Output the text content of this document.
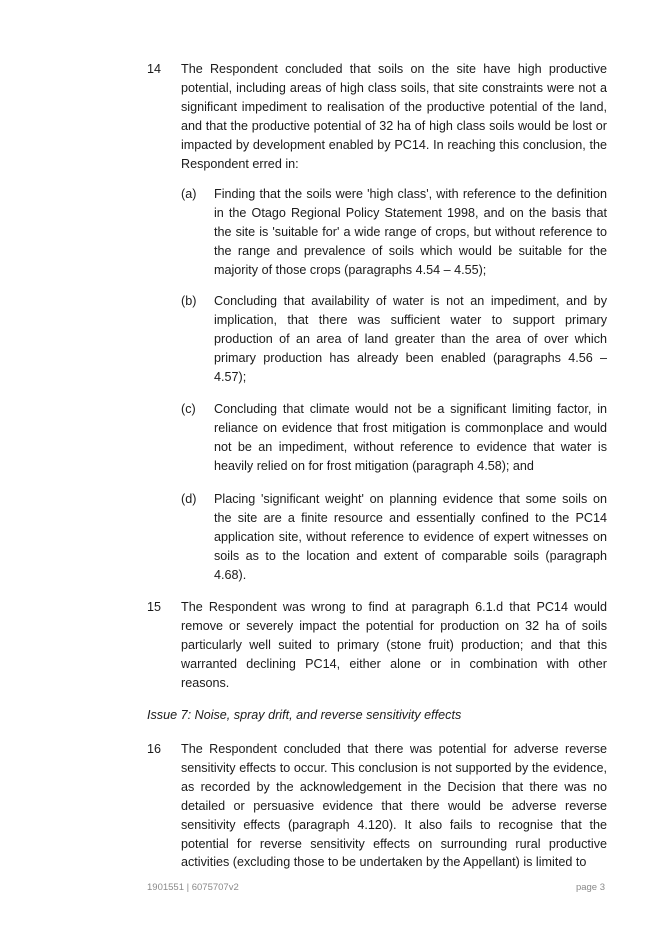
14	The Respondent concluded that soils on the site have high productive potential, including areas of high class soils, that site constraints were not a significant impediment to realisation of the productive potential of the land, and that the productive potential of 32 ha of high class soils would be lost or impacted by development enabled by PC14. In reaching this conclusion, the Respondent erred in:
(a)	Finding that the soils were 'high class', with reference to the definition in the Otago Regional Policy Statement 1998, and on the basis that the site is 'suitable for' a wide range of crops, but without reference to the range and prevalence of soils which would be suitable for the majority of those crops (paragraphs 4.54 – 4.55);
(b)	Concluding that availability of water is not an impediment, and by implication, that there was sufficient water to support primary production of an area of land greater than the area of over which primary production has already been enabled (paragraphs 4.56 – 4.57);
(c)	Concluding that climate would not be a significant limiting factor, in reliance on evidence that frost mitigation is commonplace and would not be an impediment, without reference to evidence that water is heavily relied on for frost mitigation (paragraph 4.58); and
(d)	Placing 'significant weight' on planning evidence that some soils on the site are a finite resource and essentially confined to the PC14 application site, without reference to evidence of expert witnesses on soils as to the location and extent of comparable soils (paragraph 4.68).
15	The Respondent was wrong to find at paragraph 6.1.d that PC14 would remove or severely impact the potential for production on 32 ha of soils particularly well suited to primary (stone fruit) production; and that this warranted declining PC14, either alone or in combination with other reasons.
Issue 7: Noise, spray drift, and reverse sensitivity effects
16	The Respondent concluded that there was potential for adverse reverse sensitivity effects to occur. This conclusion is not supported by the evidence, as recorded by the acknowledgement in the Decision that there was no detailed or persuasive evidence that there would be adverse reverse sensitivity effects (paragraph 4.120). It also fails to recognise that the potential for reverse sensitivity effects on surrounding rural productive activities (excluding those to be undertaken by the Appellant) is limited to
1901551 | 6075707v2	page 3
